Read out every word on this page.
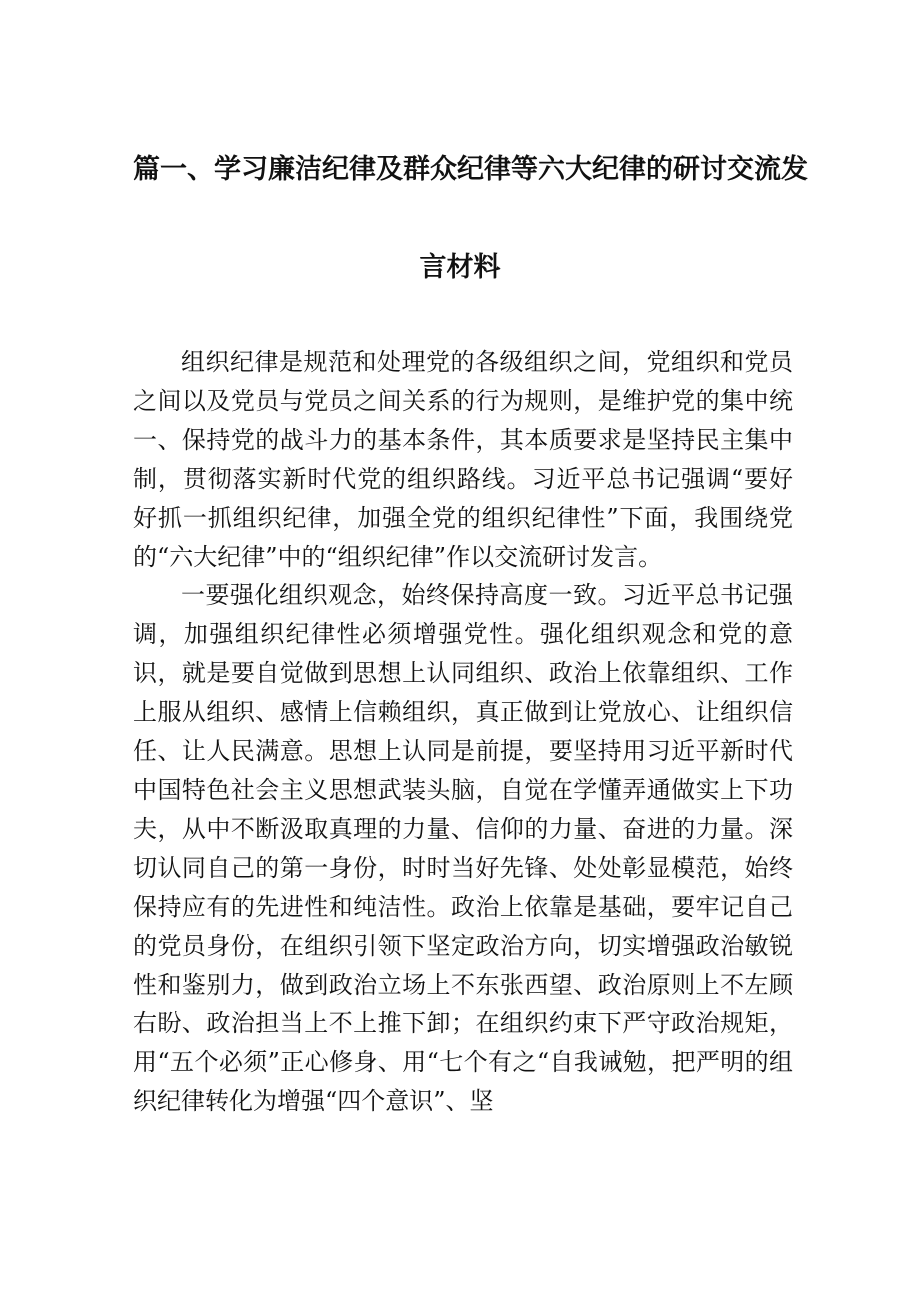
篇一、学习廉洁纪律及群众纪律等六大纪律的研讨交流发
言材料

组织纪律是规范和处理党的各级组织之间，党组织和党员之间以及党员与党员之间关系的行为规则，是维护党的集中统一、保持党的战斗力的基本条件，其本质要求是坚持民主集中制，贯彻落实新时代党的组织路线。习近平总书记强调“要好好抓一抓组织纪律，加强全党的组织纪律性”下面，我围绕党的“六大纪律”中的“组织纪律”作以交流研讨发言。

一要强化组织观念，始终保持高度一致。习近平总书记强调，加强组织纪律性必须增强党性。强化组织观念和党的意识，就是要自觉做到思想上认同组织、政治上依靠组织、工作上服从组织、感情上信赖组织，真正做到让党放心、让组织信任、让人民满意。思想上认同是前提，要坚持用习近平新时代中国特色社会主义思想武装头脑，自觉在学懂弄通做实上下功夫，从中不断汲取真理的力量、信仰的力量、奋进的力量。深切认同自己的第一身份，时时当好先锋、处处彰显模范，始终保持应有的先进性和纯洁性。政治上依靠是基础，要牢记自己的党员身份，在组织引领下坚定政治方向，切实增强政治敏锐性和鉴别力，做到政治立场上不东张西望、政治原则上不左顾右盼、政治担当上不上推下卸；在组织约束下严守政治规矩，用“五个必须”正心修身、用“七个有之“自我诫勉，把严明的组织纪律转化为增强“四个意识”、坚
